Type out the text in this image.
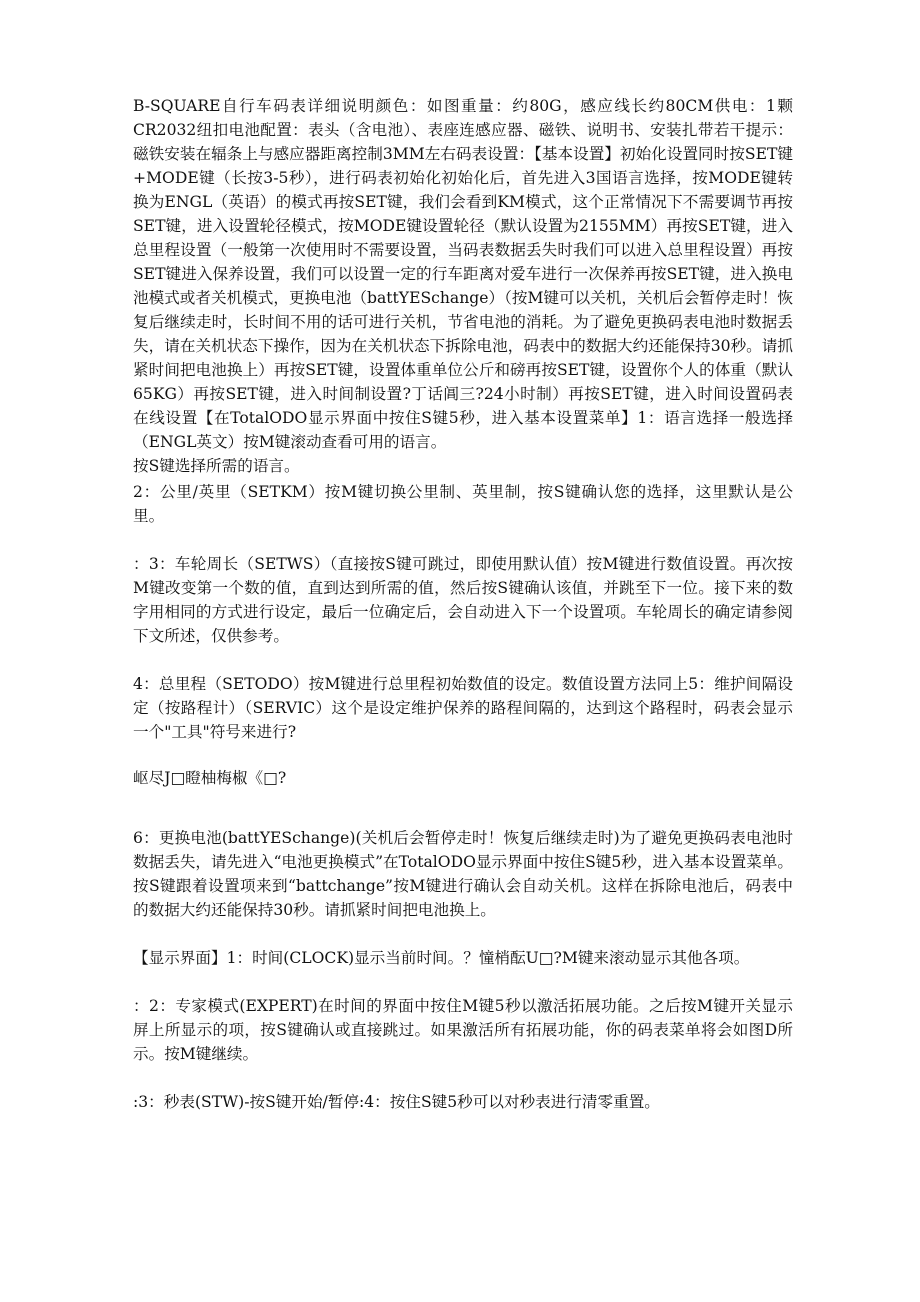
B-SQUARE自行车码表详细说明颜色：如图重量：约80G，感应线长约80CM供电：1颗CR2032纽扣电池配置：表头（含电池）、表座连感应器、磁铁、说明书、安装扎带若干提示：磁铁安装在辐条上与感应器距离控制3MM左右码表设置：【基本设置】初始化设置同时按SET键+MODE键（长按3-5秒），进行码表初始化初始化后，首先进入3国语言选择，按MODE键转换为ENGL（英语）的模式再按SET键，我们会看到KM模式，这个正常情况下不需要调节再按SET键，进入设置轮径模式，按MODE键设置轮径（默认设置为2155MM）再按SET键，进入总里程设置（一般第一次使用时不需要设置，当码表数据丢失时我们可以进入总里程设置）再按SET键进入保养设置，我们可以设置一定的行车距离对爱车进行一次保养再按SET键，进入换电池模式或者关机模式，更换电池（battYESchange）（按M键可以关机，关机后会暂停走时！恢复后继续走时，长时间不用的话可进行关机，节省电池的消耗。为了避免更换码表电池时数据丢失，请在关机状态下操作，因为在关机状态下拆除电池，码表中的数据大约还能保持30秒。请抓紧时间把电池换上）再按SET键，设置体重单位公斤和磅再按SET键，设置你个人的体重（默认65KG）再按SET键，进入时间制设置?丁话阊三?24小时制）再按SET键，进入时间设置码表在线设置【在TotalODO显示界面中按住S键5秒，进入基本设置菜单】1：语言选择一般选择（ENGL英文）按M键滚动查看可用的语言。

按S键选择所需的语言。

2：公里/英里（SETKM）按M键切换公里制、英里制，按S键确认您的选择，这里默认是公里。

：3：车轮周长（SETWS）（直接按S键可跳过，即使用默认值）按M键进行数值设置。再次按M键改变第一个数的值，直到达到所需的值，然后按S键确认该值，并跳至下一位。接下来的数字用相同的方式进行设定，最后一位确定后，会自动进入下一个设置项。车轮周长的确定请参阅下文所述，仅供参考。

4：总里程（SETODO）按M键进行总里程初始数值的设定。数值设置方法同上5：维护间隔设定（按路程计）（SERVIC）这个是设定维护保养的路程间隔的，达到这个路程时，码表会显示一个"工具"符号来进行?

岖尽J□瞪柚梅椒《□?

6：更换电池(battYESchange)(关机后会暂停走时！恢复后继续走时)为了避免更换码表电池时数据丢失，请先进入“电池更换模式”在TotalODO显示界面中按住S键5秒，进入基本设置菜单。按S键跟着设置项来到“battchange”按M键进行确认会自动关机。这样在拆除电池后，码表中的数据大约还能保持30秒。请抓紧时间把电池换上。

【显示界面】1：时间(CLOCK)显示当前时间。？憧梢酝U□?M键来滚动显示其他各项。

：2：专家模式(EXPERT)在时间的界面中按住M键5秒以激活拓展功能。之后按M键开关显示屏上所显示的项，按S键确认或直接跳过。如果激活所有拓展功能，你的码表菜单将会如图D所示。按M键继续。

:3：秒表(STW)-按S键开始/暂停:4：按住S键5秒可以对秒表进行清零重置。
